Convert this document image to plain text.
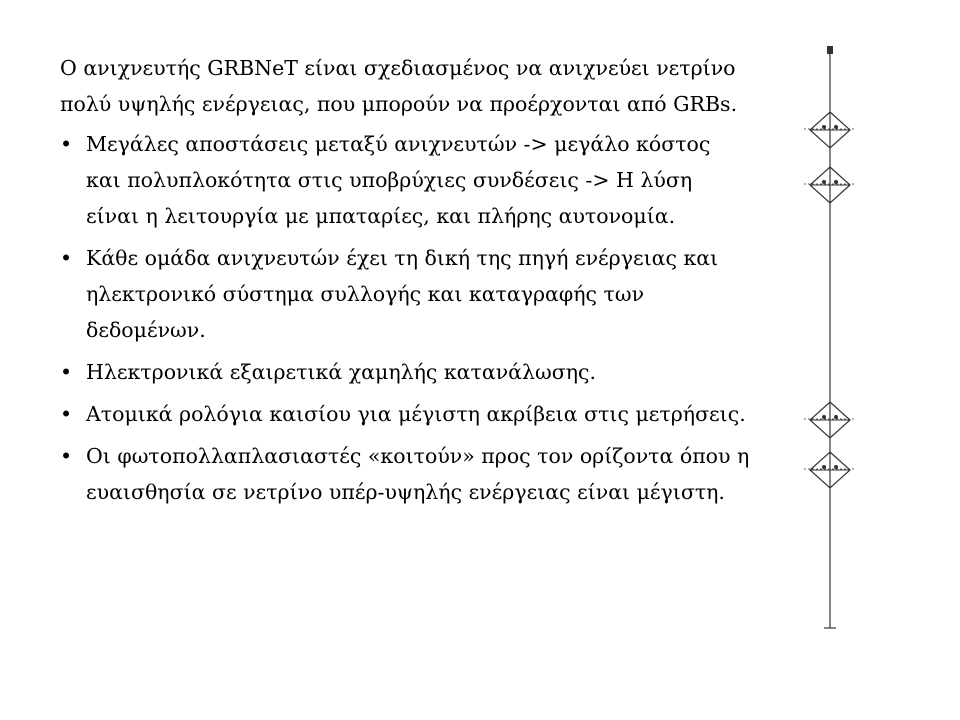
Ο ανιχνευτής GRBNeT είναι σχεδιασμένος να ανιχνεύει νετρίνο πολύ υψηλής ενέργειας, που μπορούν να προέρχονται από GRBs.

• Μεγάλες αποστάσεις μεταξύ ανιχνευτών -> μεγάλο κόστος και πολυπλοκότητα στις υποβρύχιες συνδέσεις -> Η λύση είναι η λειτουργία με μπαταρίες, και πλήρης αυτονομία.
• Κάθε ομάδα ανιχνευτών έχει τη δική της πηγή ενέργειας και ηλεκτρονικό σύστημα συλλογής και καταγραφής των δεδομένων.
• Ηλεκτρονικά εξαιρετικά χαμηλής κατανάλωσης.
• Ατομικά ρολόγια καισίου για μέγιστη ακρίβεια στις μετρήσεις.
• Οι φωτοπολλαπλασιαστές «κοιτούν» προς τον ορίζοντα όπου η ευαισθησία σε νετρίνο υπέρ-υψηλής ενέργειας είναι μέγιστη.
